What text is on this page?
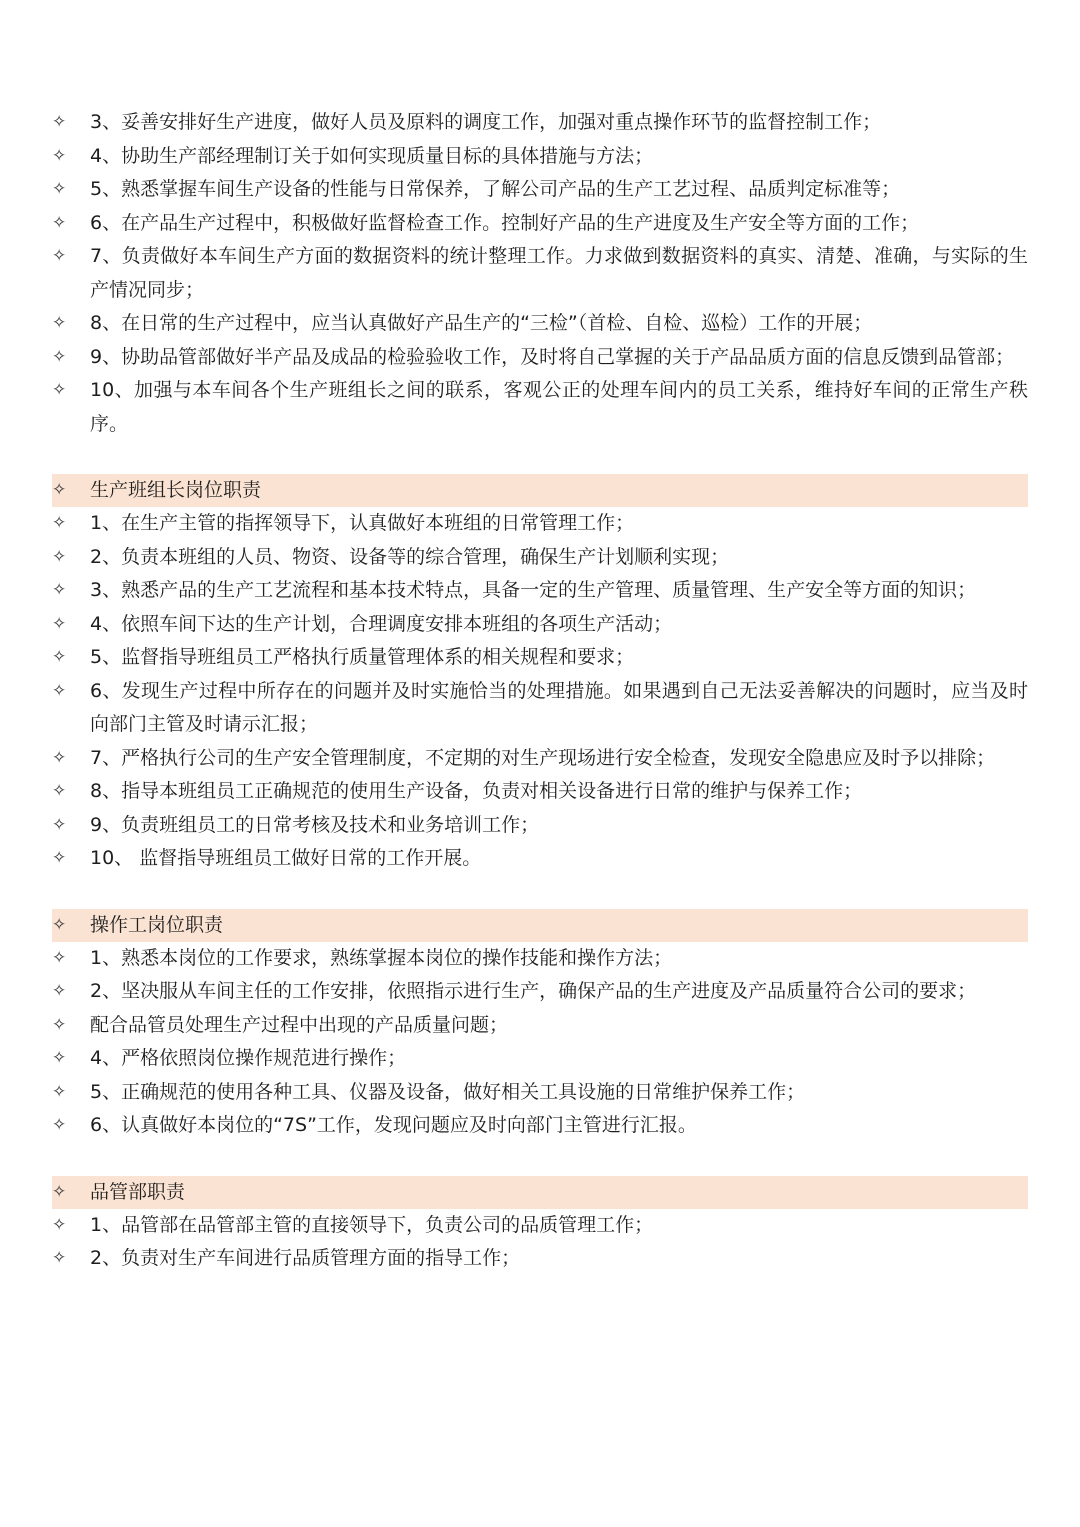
✧	3、妥善安排好生产进度，做好人员及原料的调度工作，加强对重点操作环节的监督控制工作；
✧	4、协助生产部经理制订关于如何实现质量目标的具体措施与方法；
✧	5、熟悉掌握车间生产设备的性能与日常保养，了解公司产品的生产工艺过程、品质判定标准等；
✧	6、在产品生产过程中，积极做好监督检查工作。控制好产品的生产进度及生产安全等方面的工作；
✧	7、负责做好本车间生产方面的数据资料的统计整理工作。力求做到数据资料的真实、清楚、准确，与实际的生产情况同步；
✧	8、在日常的生产过程中，应当认真做好产品生产的“三检”（首检、自检、巡检）工作的开展；
✧	9、协助品管部做好半产品及成品的检验验收工作，及时将自己掌握的关于产品品质方面的信息反馈到品管部；
✧	10、加强与本车间各个生产班组长之间的联系，客观公正的处理车间内的员工关系，维持好车间的正常生产秩序。
✧	生产班组长岗位职责
✧	1、在生产主管的指挥领导下，认真做好本班组的日常管理工作；
✧	2、负责本班组的人员、物资、设备等的综合管理，确保生产计划顺利实现；
✧	3、熟悉产品的生产工艺流程和基本技术特点，具备一定的生产管理、质量管理、生产安全等方面的知识；
✧	4、依照车间下达的生产计划，合理调度安排本班组的各项生产活动；
✧	5、监督指导班组员工严格执行质量管理体系的相关规程和要求；
✧	6、发现生产过程中所存在的问题并及时实施恰当的处理措施。如果遇到自己无法妥善解决的问题时，应当及时向部门主管及时请示汇报；
✧	7、严格执行公司的生产安全管理制度，不定期的对生产现场进行安全检查，发现安全隐患应及时予以排除；
✧	8、指导本班组员工正确规范的使用生产设备，负责对相关设备进行日常的维护与保养工作；
✧	9、负责班组员工的日常考核及技术和业务培训工作；
✧	10、 监督指导班组员工做好日常的工作开展。
✧	操作工岗位职责
✧	1、熟悉本岗位的工作要求，熟练掌握本岗位的操作技能和操作方法；
✧	2、坚决服从车间主任的工作安排，依照指示进行生产，确保产品的生产进度及产品质量符合公司的要求；
✧	配合品管员处理生产过程中出现的产品质量问题；
✧	4、严格依照岗位操作规范进行操作；
✧	5、正确规范的使用各种工具、仪器及设备，做好相关工具设施的日常维护保养工作；
✧	6、认真做好本岗位的“7S”工作，发现问题应及时向部门主管进行汇报。
✧	品管部职责
✧	1、品管部在品管部主管的直接领导下，负责公司的品质管理工作；
✧	2、负责对生产车间进行品质管理方面的指导工作；
